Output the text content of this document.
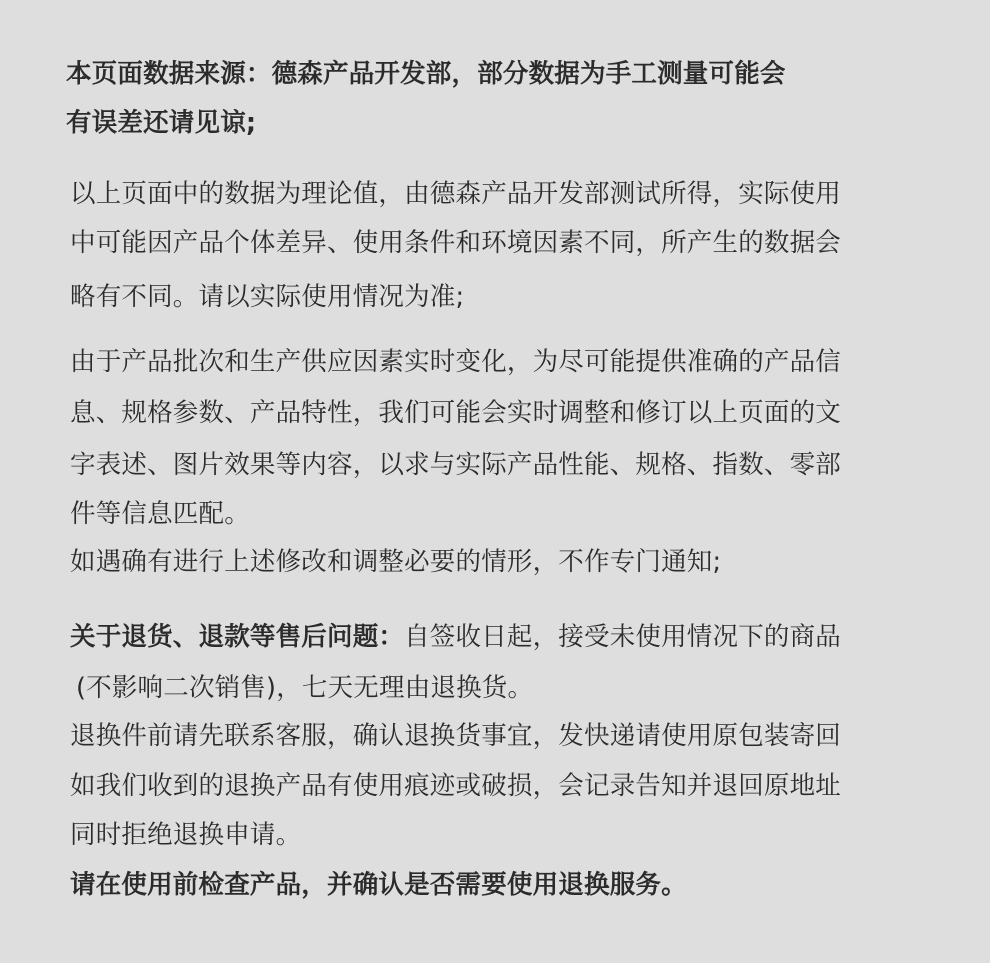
本页面数据来源：德森产品开发部，部分数据为手工测量可能会
有误差还请见谅;
以上页面中的数据为理论值，由德森产品开发部测试所得，实际使用
中可能因产品个体差异、使用条件和环境因素不同，所产生的数据会
略有不同。请以实际使用情况为准;
由于产品批次和生产供应因素实时变化，为尽可能提供准确的产品信
息、规格参数、产品特性，我们可能会实时调整和修订以上页面的文
字表述、图片效果等内容，以求与实际产品性能、规格、指数、零部
件等信息匹配。
如遇确有进行上述修改和调整必要的情形，不作专门通知;
关于退货、退款等售后问题：自签收日起，接受未使用情况下的商品
(不影响二次销售)，七天无理由退换货。
退换件前请先联系客服，确认退换货事宜，发快递请使用原包装寄回
如我们收到的退换产品有使用痕迹或破损，会记录告知并退回原地址
同时拒绝退换申请。
请在使用前检查产品，并确认是否需要使用退换服务。
